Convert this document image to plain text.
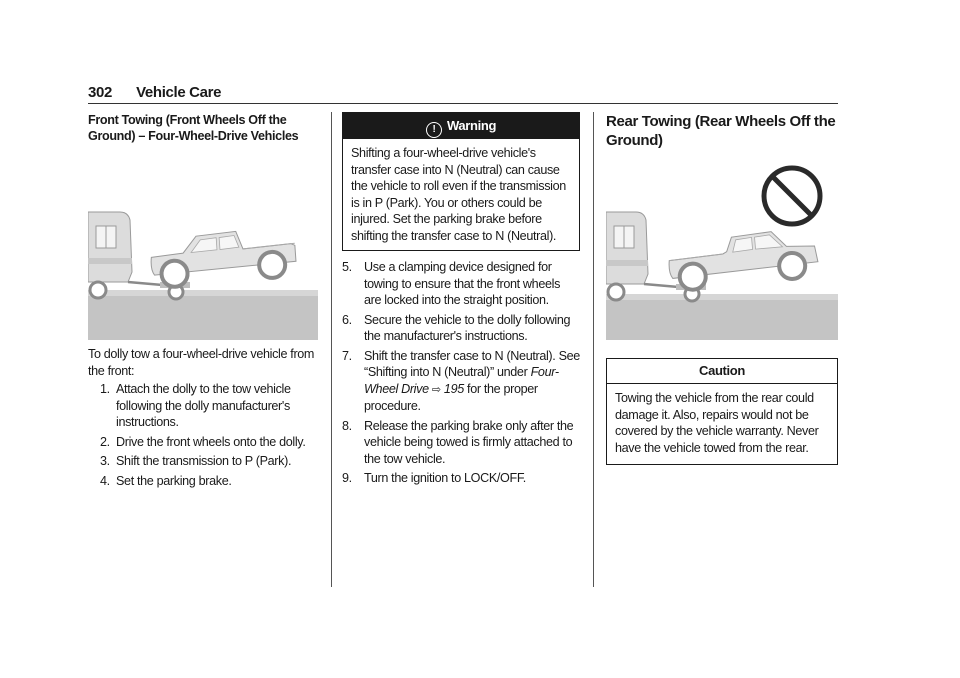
302 Vehicle Care

Front Towing (Front Wheels Off the Ground) – Four-Wheel-Drive Vehicles

To dolly tow a four-wheel-drive vehicle from the front:

1. Attach the dolly to the tow vehicle following the dolly manufacturer's instructions.
2. Drive the front wheels onto the dolly.
3. Shift the transmission to P (Park).
4. Set the parking brake.
! Warning
Shifting a four-wheel-drive vehicle's transfer case into N (Neutral) can cause the vehicle to roll even if the transmission is in P (Park). You or others could be injured. Set the parking brake before shifting the transfer case to N (Neutral).
5. Use a clamping device designed for towing to ensure that the front wheels are locked into the straight position.
6. Secure the vehicle to the dolly following the manufacturer's instructions.
7. Shift the transfer case to N (Neutral). See “Shifting into N (Neutral)” under Four-Wheel Drive ⇨ 195 for the proper procedure.
8. Release the parking brake only after the vehicle being towed is firmly attached to the tow vehicle.
9. Turn the ignition to LOCK/OFF.

Rear Towing (Rear Wheels Off the Ground)

Caution
Towing the vehicle from the rear could damage it. Also, repairs would not be covered by the vehicle warranty. Never have the vehicle towed from the rear.
